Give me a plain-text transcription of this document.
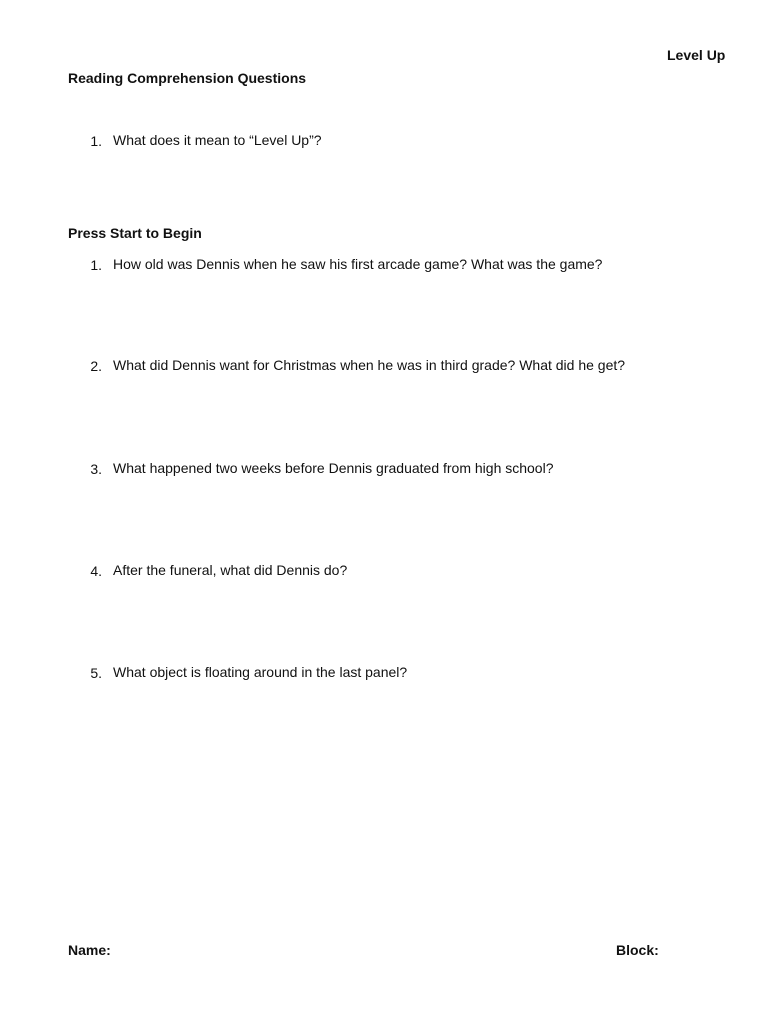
Level Up
Reading Comprehension Questions
1. What does it mean to “Level Up”?
Press Start to Begin
1. How old was Dennis when he saw his first arcade game? What was the game?
2. What did Dennis want for Christmas when he was in third grade? What did he get?
3. What happened two weeks before Dennis graduated from high school?
4. After the funeral, what did Dennis do?
5. What object is floating around in the last panel?
Name:	Block:
